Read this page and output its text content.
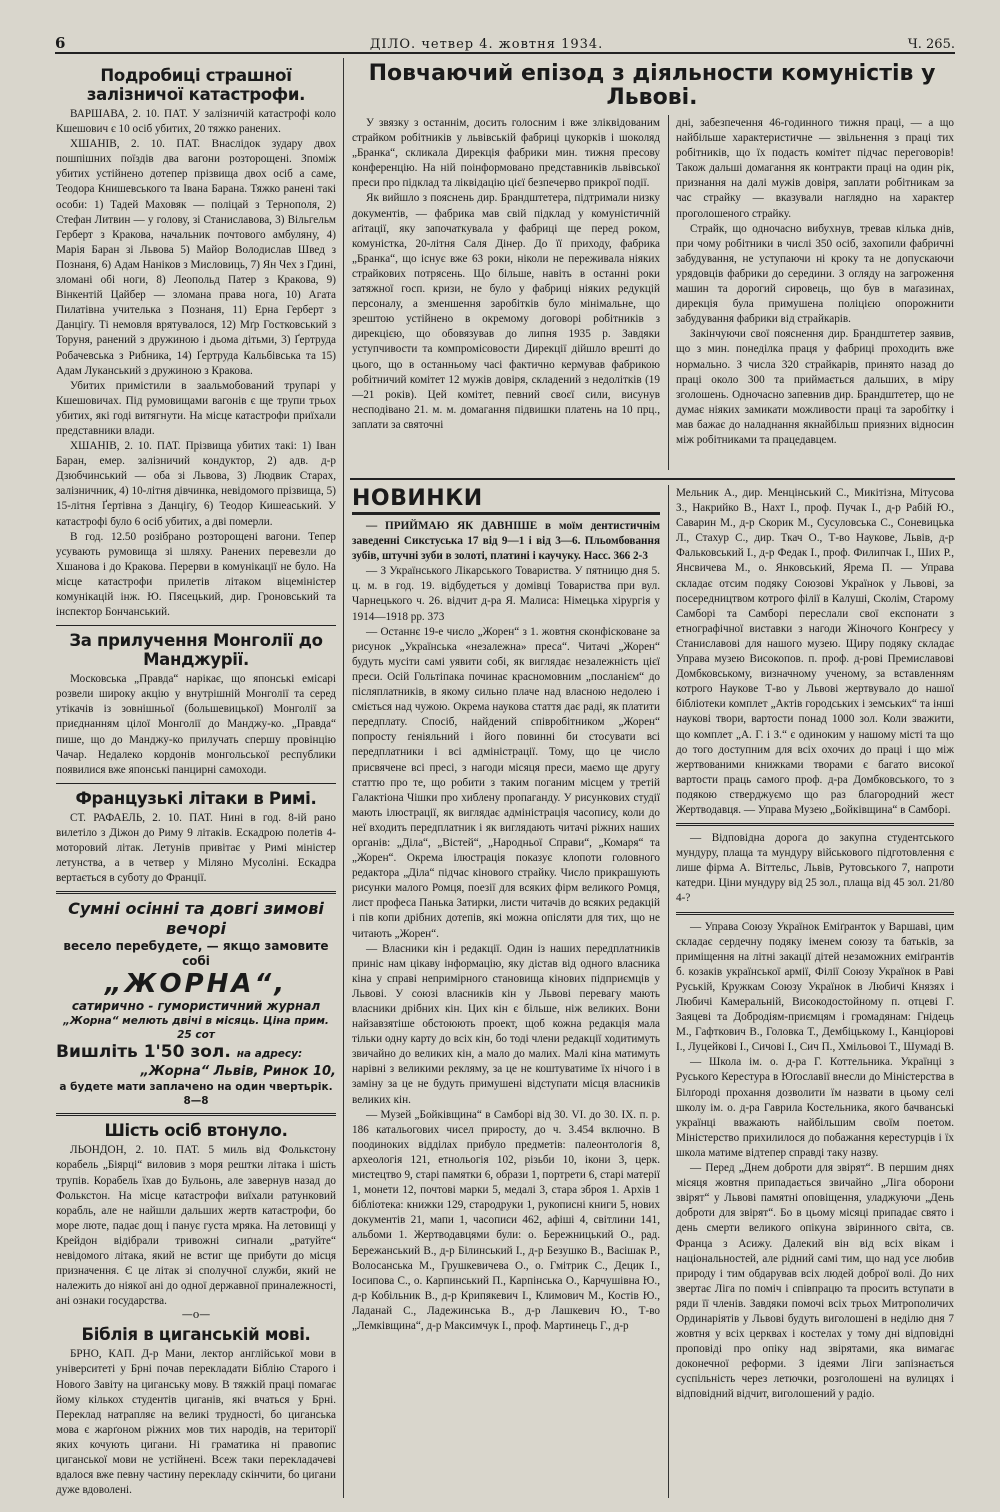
6	ДІЛО. четвер 4. жовтня 1934.	Ч. 265.
Подробиці страшної залізничої катастрофи.

ВАРШАВА, 2. 10. ПАТ. У залізничій катастрофі коло Кшешович є 10 осіб убитих, 20 тяжко ранених.

ХШАНІВ, 2. 10. ПАТ. Внаслідок зудару двох пошпішних поїздів два вагони розторощені. Зпоміж убитих устійнено дотепер прізвища двох осіб а саме, Теодора Книшевського та Івана Барана. Тяжко ранені такі особи: 1) Тадей Маховяк — поліцай з Тернополя, 2) Стефан Литвин — у голову, зі Станиславова, 3) Вільгельм Герберт з Кракова, начальник почтового амбуляну, 4) Марія Баран зі Львова 5) Майор Володислав Швед з Познаня, 6) Адам Наніков з Мисловиць, 7) Ян Чех з Гдині, зломані обі ноги, 8) Леопольд Патер з Кракова, 9) Вінкентій Цайбер — зломана права нога, 10) Агата Пилатівна учителька з Познаня, 11) Ерна Герберт з Данціґу. Ті немовля врятувалося, 12) Мґр Гостковський з Торуня, ранений з дружиною і дьома дітьми, 3) Ґертруда Робачевська з Рибника, 14) Ґертруда Кальбівська та 15) Адам Луканський з дружиною з Кракова.

Убитих примістили в заальмобований трупарі у Кшешовичах. Під румовищами вагонів є ще трупи трьох убитих, які годі витягнути. На місце катастрофи приїхали представники влади.

ХШАНІВ, 2. 10. ПАТ. Прізвища убитих такі: 1) Іван Баран, емер. залізничий кондуктор, 2) адв. д-р Дзюбчинський — оба зі Львова, 3) Людвик Старах, залізничник, 4) 10-літня дівчинка, невідомого прізвища, 5) 15-літня Ґертівна з Данціґу, 6) Теодор Кишеаський. У катастрофі було 6 осіб убитих, а дві померли.

В год. 12.50 розібрано розторощені вагони. Тепер усувають румовища зі шляху. Ранених перевезли до Хшанова і до Кракова. Перерви в комунікації не було. На місце катастрофи прилетів літаком віцеміністер комунікацій інж. Ю. Пясецький, дир. Гроновський та інспектор Бончанський.

За прилучення Монголії до Манджурії.

Московська „Правда“ нарікає, що японські емісарі розвели широку акцію у внутрішній Монголії та серед утікачів із зовнішньої (большевицької) Монголії за приєднанням цілої Монголії до Манджу-ко. „Правда“ пише, що до Манджу-ко прилучать спершу провінцію Чачар. Недалеко кордонів монгольської республики появилися вже японські панцирні самоходи.

Французькі літаки в Римі.

СТ. РАФАЕЛЬ, 2. 10. ПАТ. Нині в год. 8-ій рано вилетіло з Діжон до Риму 9 літаків. Ескадрою полетів 4-моторовий літак. Летунів привітає у Римі міністер летунства, а в четвер у Міляно Мусоліні. Ескадра вертається в суботу до Франції.

Сумні осінні та довгі зимові вечорі
весело перебудете, — якщо замовите собі
„ЖОРНА“,
сатирично - гумористичний журнал
„Жорна“ мелють двічі в місяць. Ціна прим. 25 сот
Вишліть 1'50 зол. на адресу:
„Жорна“ Львів, Ринок 10,
а будете мати заплачено на один чвертьрік. 8—8
Шість осіб втонуло.

ЛЬОНДОН, 2. 10. ПАТ. 5 миль від Фолькстону корабель „Біярці“ виловив з моря рештки літака і шість трупів. Корабель їхав до Бульонь, але завернув назад до Фолькстон. На місце катастрофи виїхали ратунковий корабль, але не найшли дальших жертв катастрофи, бо море люте, падає дощ і панує густа мряка. На летовищі у Крейдон відібрали тривожні сиґнали „ратуйте“ невідомого літака, який не встиг ще прибути до місця призначення. Є це літак зі сполучної служби, який не належить до ніякої ані до одної державної приналежності, ані ознаки государства.

—o—
Біблія в циганській мові.

БРНО, КАП. Д-р Мани, лектор англійської мови в університеті у Брні почав перекладати Біблію Старого і Нового Завіту на циганську мову. В тяжкій праці помагає йому кількох студентів циганів, які вчаться у Брні. Переклад натрапляє на великі трудності, бо циганська мова є жарґоном ріжних мов тих народів, на території яких кочують цигани. Ні граматика ні правопис циганської мови не устійнені. Всеж таки перекладачеві вдалося вже певну частину перекладу скінчити, бо цигани дуже вдоволені.

Повчаючий епізод з діяльности комуністів у Львові.

У звязку з останнім, досить голосним і вже зліквідованим страйком робітників у львівській фабриці цукорків і шоколяд „Бранка“, скликала Дирекція фабрики мин. тижня пресову конференцію. На ній поінформовано представників львівської преси про підклад та ліквідацію цієї безпечерво прикрої події.

Як вийшло з пояснень дир. Брандштетера, підтримали низку документів, — фабрика мав свій підклад у комуністичній аґітації, яку започаткувала у фабриці ще перед роком, комуністка, 20-літня Саля Дінер. До її приходу, фабрика „Бранка“, що існує вже 63 роки, ніколи не переживала ніяких страйкових потрясень. Що більше, навіть в останні роки затяжної госп. кризи, не було у фабриці ніяких редукцій персоналу, а зменшення заробітків було мінімальне, що зрештою устійнено в окремому договорі робітників з дирекцією, що обовязував до липня 1935 р. Завдяки уступчивости та компромісовости Дирекції дійшло врешті до цього, що в останньому часі фактично кермував фабрикою робітничий комітет 12 мужів довіря, складений з недолітків (19—21 років). Цей комітет, певний своєї сили, висунув несподівано 21. м. м. домагання підвишки платень на 10 прц., заплати за святочні

дні, забезпечення 46-годинного тижня праці, — а що найбільше характеристичне — звільнення з праці тих робітників, що їх подасть комітет підчас переговорів! Також дальші домагання як контракти праці на один рік, признання на далі мужів довіря, заплати робітникам за час страйку — вказували наглядно на характер проголошеного страйку.

Страйк, що одночасно вибухнув, тревав кілька днів, при чому робітники в числі 350 осіб, захопили фабричні забудування, не уступаючи ні кроку та не допускаючи урядовців фабрики до середини. З огляду на загроження машин та дорогий сировець, що був в маґазинах, дирекція була примушена поліцією опорожнити забудування фабрики від страйкарів.

Закінчуючи свої пояснення дир. Брандштетер заявив, що з мин. понеділка праця у фабриці проходить вже нормально. З числа 320 страйкарів, принято назад до праці около 300 та приймається дальших, в міру зголошень. Одночасно запевнив дир. Брандштетер, що не думає ніяких замикати можливости праці та заробітку і мав бажає до наладнання якнайбільш приязних відносин між робітниками та працедавцем.

НОВИНКИ

— ПРИЙМАЮ ЯК ДАВНІШЕ в моїм дентистичнім заведенні Сикстуська 17 від 9—1 і від 3—6. Пльомбовання зубів, штучні зуби в золоті, платині і каучуку. Насс. 366 2-3

— З Українського Лікарського Товариства. У пятницю дня 5. ц. м. в год. 19. відбудеться у домівці Товариства при вул. Чарнецького ч. 26. відчит д-ра Я. Малиса: Німецька хірургія у 1914—1918 рр. 373

— Останнє 19-е число „Жорен“ з 1. жовтня сконфісковане за рисунок „Українська «незалежна» преса“. Читачі „Жорен“ будуть мусіти самі уявити собі, як виглядає незалежність цієї преси. Осій Гольтіпака починає красномовним „посланієм“ до післяплатників, в якому сильно плаче над власною недолею і сміється над чужою. Окрема наукова стаття дає раді, як платити передплату. Спосіб, найдений співробітником „Жорен“ попросту ґеніяльний і його повинні би стосувати всі передплатники і всі адміністрації. Тому, що це число присвячене всі пресі, з нагоди місяця преси, маємо ще другу статтю про те, що робити з таким поганим місцем у третій Галактіона Чішки про хиблену пропаганду. У рисункових студії мають ілюстрації, як виглядає адміністрація часопису, коли до неї входить передплатник і як виглядають читачі ріжних наших органів: „Діла“, „Вістей“, „Народньої Справи“, „Комаря“ та „Жорен“. Окрема ілюстрація показує клопоти головного редактора „Діла“ підчас кінового страйку. Число прикрашують рисунки малого Ромця, поезії для всяких фірм великого Ромця, лист професа Панька Затирки, листи читачів до всяких редакцій і пів копи дрібних дотепів, які можна опісляти для тих, що не читають „Жорен“.

— Власники кін і редакції. Один із наших передплатників приніс нам цікаву інформацію, яку дістав від одного власника кіна у справі непримірного становища кінових підприємців у Львові. У союзі власників кін у Львові перевагу мають власники дрібних кін. Цих кін є більше, ніж великих. Вони найзавзятіше обстоюють проект, щоб кожна редакція мала тільки одну карту до всіх кін, бо тоді члени редакції ходитимуть звичайно до великих кін, а мало до малих. Малі кіна матимуть нарівні з великими рекляму, за це не коштуватиме їх нічого і в заміну за це не будуть примушені відступати місця власників великих кін.

— Музей „Бойківщина“ в Самборі від 30. VI. до 30. IX. п. р. 186 катальогових чисел приросту, до ч. 3.454 включно. В поодиноких відділах прибуло предметів: палеонтологія 8, археологія 121, етнольогія 102, різьби 10, ікони 3, церк. мистецтво 9, старі памятки 6, образи 1, портрети 6, старі матерії 1, монети 12, почтові марки 5, медалі 3, стара зброя 1. Архів 1 бібліотека: книжки 129, стародруки 1, рукописні книги 5, нових документів 21, мапи 1, часописи 462, афіші 4, світлини 141, альбоми 1. Жертводавцями були: о. Бережницький О., рад. Бережанський В., д-р Білинський І., д-р Безушко В., Васішак Р., Волосанська М., Грушкевичева О., о. Гмітрик С., Децик І., Іосипова С., о. Карпинський П., Карпінська О., Карчушівна Ю., д-р Кобільник В., д-р Крипякевич І., Климович М., Костів Ю., Ладанай С., Ладежинська В., д-р Лашкевич Ю., Т-во „Лемківщина“, д-р Максимчук І., проф. Мартинець Г., д-р

Мельник А., дир. Менцінський С., Микітізна, Мітусова З., Накрийко В., Нахт І., проф. Пучак І., д-р Рабій Ю., Саварин М., д-р Скорик М., Сусуловська С., Соневицька Л., Стахур С., дир. Ткач О., Т-во Наукове, Львів, д-р Фальковський І., д-р Федак І., проф. Филипчак І., Ших Р., Янсвичева М., о. Янковський, Ярема П. — Управа складає отсим подяку Союзові Українок у Львові, за посередництвом котрого філії в Калуші, Сколім, Старому Самборі та Самборі переслали свої експонати з етнографічної виставки з нагоди Жіночого Конґресу у Станиславові для нашого музею. Щиру подяку складає Управа музею Високопов. п. проф. д-рові Премиславові Домбковському, визначному ученому, за вставленням котрого Наукове Т-во у Львові жертвувало до нашої бібліотеки комплет „Актів городських і земських“ та інші наукові твори, вартости понад 1000 зол. Коли зважити, що комплет „А. Г. і З.“ є одиноким у нашому місті та що до того доступним для всіх охочих до праці і що між жертвованими книжками творами є багато високої вартости праць самого проф. д-ра Домбковського, то з подякою стверджуємо що раз благородний жест Жертводавця. — Управа Музею „Бойківщина“ в Самборі.

— Відповідна дорога до закупна студентського мундуру, плаща та мундуру військового підготовлення є лише фірма А. Віттельс, Львів, Рутовського 7, напроти катедри. Ціни мундуру від 25 зол., плаща від 45 зол. 21/80 4-?

— Управа Союзу Українок Еміґранток у Варшаві, цим складає сердечну подяку іменем союзу та батьків, за приміщення на літні закації дітей незаможних еміґрантів б. козаків української армії, Філії Союзу Українок в Раві Руській, Кружкам Союзу Українок в Любичі Князях і Любичі Камеральній, Високодостойному п. отцеві Г. Заяцеві та Добродіям-приємцям і громадянам: Гнідець М., Гафткович В., Головка Т., Дембіцькому І., Канціорові І., Луцейкові І., Сичові І., Сич П., Хмільовоі Т., Шумаді В.

— Школа ім. о. д-ра Г. Коттельника. Українці з Руського Керестура в Юґославії внесли до Міністерства в Білґороді прохання дозволити їм назвати в цьому селі школу ім. о. д-ра Гаврила Костельника, якого бачванські українці вважають найбільшим своїм поетом. Міністерство прихилилося до побажання керестурців і їх школа матиме відтепер справді таку назву.

— Перед „Днем доброти для звірят“. В першим днях місяця жовтня припадається звичайно „Ліга оборони звірят“ у Львові памятні оповіщення, уладжуючи „День доброти для звірят“. Бо в цьому місяці припадає свято і день смерти великого опікуна звіринного світа, св. Франца з Асижу. Далекий він від всіх вікам і національностей, але рідний самі тим, що над усе любив природу і тим обдарував всіх людей доброї волі. До них звертає Ліга по поміч і співпрацю та просить вступати в ряди її членів. Завдяки помочі всіх трьох Митрополичих Ординаріятів у Львові будуть виголошені в неділю дня 7 жовтня у всіх церквах і костелах у тому дні відповідні проповіді про опіку над звірятами, яка вимагає доконечної реформи. З ідеями Ліги запізнається суспільність через летючки, розголошені на вулицях і відповідний відчит, виголошений у радіо.
